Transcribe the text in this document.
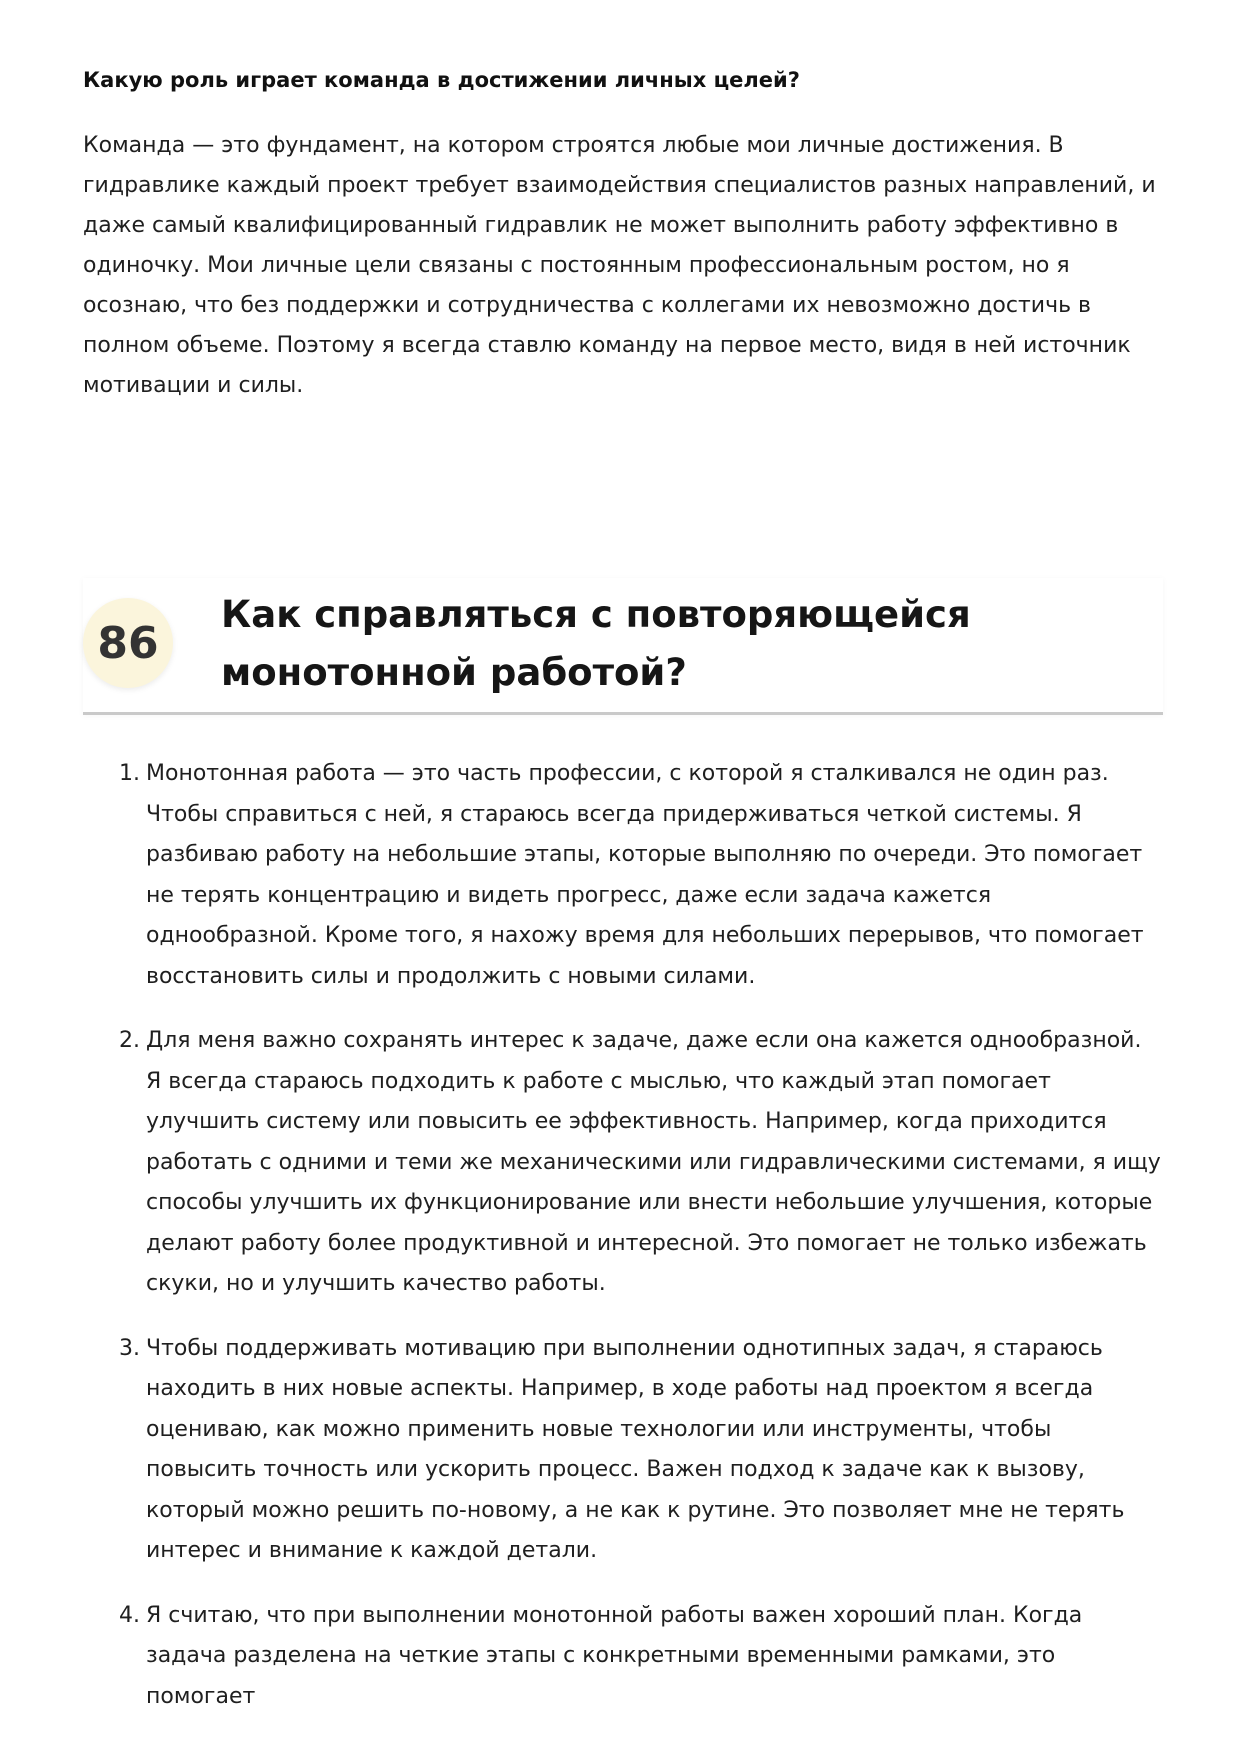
Какую роль играет команда в достижении личных целей?

Команда — это фундамент, на котором строятся любые мои личные достижения. В гидравлике каждый проект требует взаимодействия специалистов разных направлений, и даже самый квалифицированный гидравлик не может выполнить работу эффективно в одиночку. Мои личные цели связаны с постоянным профессиональным ростом, но я осознаю, что без поддержки и сотрудничества с коллегами их невозможно достичь в полном объеме. Поэтому я всегда ставлю команду на первое место, видя в ней источник мотивации и силы.

86
Как справляться с повторяющейся монотонной работой?
1. Монотонная работа — это часть профессии, с которой я сталкивался не один раз. Чтобы справиться с ней, я стараюсь всегда придерживаться четкой системы. Я разбиваю работу на небольшие этапы, которые выполняю по очереди. Это помогает не терять концентрацию и видеть прогресс, даже если задача кажется однообразной. Кроме того, я нахожу время для небольших перерывов, что помогает восстановить силы и продолжить с новыми силами.
2. Для меня важно сохранять интерес к задаче, даже если она кажется однообразной. Я всегда стараюсь подходить к работе с мыслью, что каждый этап помогает улучшить систему или повысить ее эффективность. Например, когда приходится работать с одними и теми же механическими или гидравлическими системами, я ищу способы улучшить их функционирование или внести небольшие улучшения, которые делают работу более продуктивной и интересной. Это помогает не только избежать скуки, но и улучшить качество работы.
3. Чтобы поддерживать мотивацию при выполнении однотипных задач, я стараюсь находить в них новые аспекты. Например, в ходе работы над проектом я всегда оцениваю, как можно применить новые технологии или инструменты, чтобы повысить точность или ускорить процесс. Важен подход к задаче как к вызову, который можно решить по-новому, а не как к рутине. Это позволяет мне не терять интерес и внимание к каждой детали.
4. Я считаю, что при выполнении монотонной работы важен хороший план. Когда задача разделена на четкие этапы с конкретными временными рамками, это помогает
